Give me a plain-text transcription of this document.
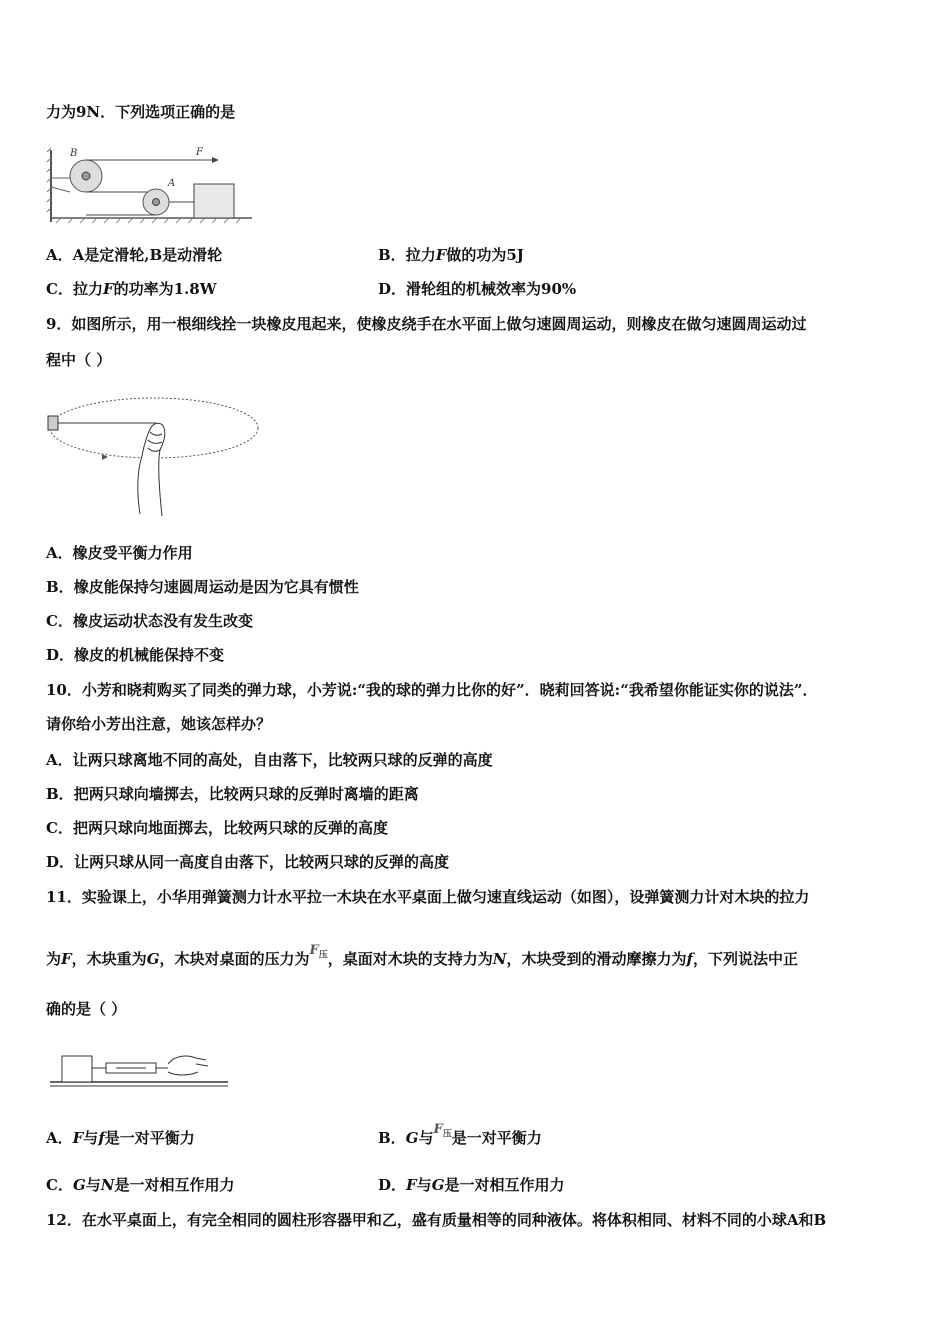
力为9N．下列选项正确的是
B
A
F
A．A是定滑轮,B是动滑轮	B．拉力F做的功为5J
C．拉力F的功率为1.8W	D．滑轮组的机械效率为90%
9．如图所示，用一根细线拴一块橡皮甩起来，使橡皮绕手在水平面上做匀速圆周运动，则橡皮在做匀速圆周运动过
程中（ ）
A．橡皮受平衡力作用
B．橡皮能保持匀速圆周运动是因为它具有惯性
C．橡皮运动状态没有发生改变
D．橡皮的机械能保持不变
10．小芳和晓莉购买了同类的弹力球，小芳说:“我的球的弹力比你的好”．晓莉回答说:“我希望你能证实你的说法”．
请你给小芳出注意，她该怎样办？
A．让两只球离地不同的高处，自由落下，比较两只球的反弹的高度
B．把两只球向墙掷去，比较两只球的反弹时离墙的距离
C．把两只球向地面掷去，比较两只球的反弹的高度
D．让两只球从同一高度自由落下，比较两只球的反弹的高度
11．实验课上，小华用弹簧测力计水平拉一木块在水平桌面上做匀速直线运动（如图），设弹簧测力计对木块的拉力
为F，木块重为G，木块对桌面的压力为$F_压$，桌面对木块的支持力为N，木块受到的滑动摩擦力为f，下列说法中正
确的是（ ）
A．F与f是一对平衡力	B．G与$F_压$是一对平衡力
C．G与N是一对相互作用力	D．F与G是一对相互作用力
12．在水平桌面上，有完全相同的圆柱形容器甲和乙，盛有质量相等的同种液体。将体积相同、材料不同的小球A和B
